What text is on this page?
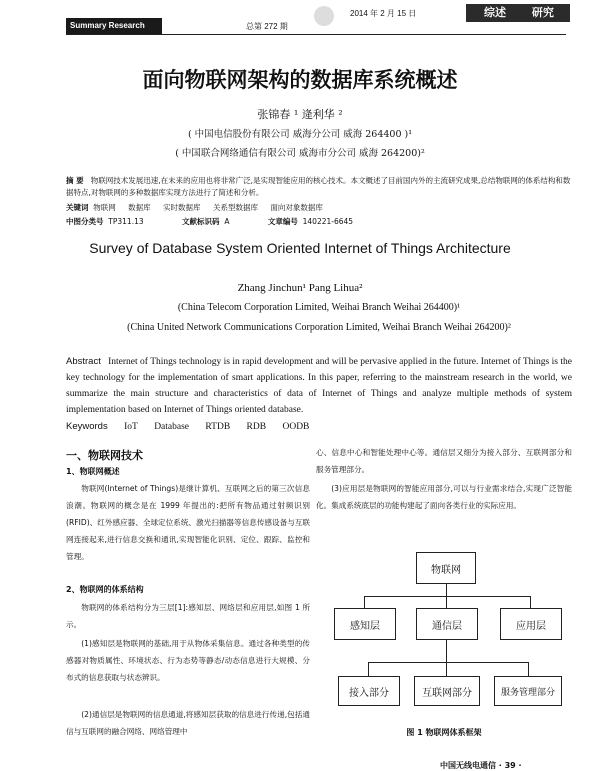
Summary Research	总第 272 期
2014 年 2 月 15 日	综述 研究
面向物联网架构的数据库系统概述
张锦春 ¹ 逄利华 ²
( 中国电信股份有限公司 威海分公司 威海 264400 )¹
( 中国联合网络通信有限公司 威海市分公司 威海 264200)²
摘 要 物联网技术发展迅速,在未来的应用也将非常广泛,是实现智能应用的核心技术。本文概述了目前国内外的主流研究成果,总结物联网的体系结构和数据特点,对物联网的多种数据库实现方法进行了简述和分析。
关键词 物联网 数据库 实时数据库 关系型数据库 面向对象数据库
中图分类号 TP311.13	文献标识码 A	文章编号 140221-6645
Survey of Database System Oriented Internet of Things Architecture
Zhang Jinchun¹ Pang Lihua²
(China Telecom Corporation Limited, Weihai Branch Weihai 264400)¹
(China United Network Communications Corporation Limited, Weihai Branch Weihai 264200)²
Abstract Internet of Things technology is in rapid development and will be pervasive applied in the future. Internet of Things is the key technology for the implementation of smart applications. In this paper, referring to the mainstream research in the world, we summarize the main structure and characteristics of data of Internet of Things and analyze multiple methods of system implementation based on Internet of Things oriented database.
Keywords IoT Database RTDB RDB OODB
一、物联网技术
1、物联网概述
物联网(Internet of Things)是继计算机、互联网之后的第三次信息浪潮。物联网的概念是在 1999 年提出的:把所有物品通过射频识别(RFID)、红外感应器、全球定位系统、激光扫描器等信息传感设备与互联网连接起来,进行信息交换和通讯,实现智能化识别、定位、跟踪、监控和管理。
2、物联网的体系结构
物联网的体系结构分为三层[1]:感知层、网络层和应用层,如图 1 所示。
(1)感知层是物联网的基础,用于从物体采集信息。通过各种类型的传感器对物质属性、环境状态、行为态势等静态/动态信息进行大规模、分布式的信息获取与状态辨识。
(2)通信层是物联网的信息通道,将感知层获取的信息进行传递,包括通信与互联网的融合网络、网络管理中
心、信息中心和智能处理中心等。通信层又细分为接入部分、互联网部分和服务管理部分。
(3)应用层是物联网的智能应用部分,可以与行业需求结合,实现广泛智能化。集成系统底层的功能构建起了面向各类行业的实际应用。
物联网
感知层	通信层	应用层
接入部分	互联网部分	服务管理部分
图 1 物联网体系框架
中国无线电通信 · 39 ·
